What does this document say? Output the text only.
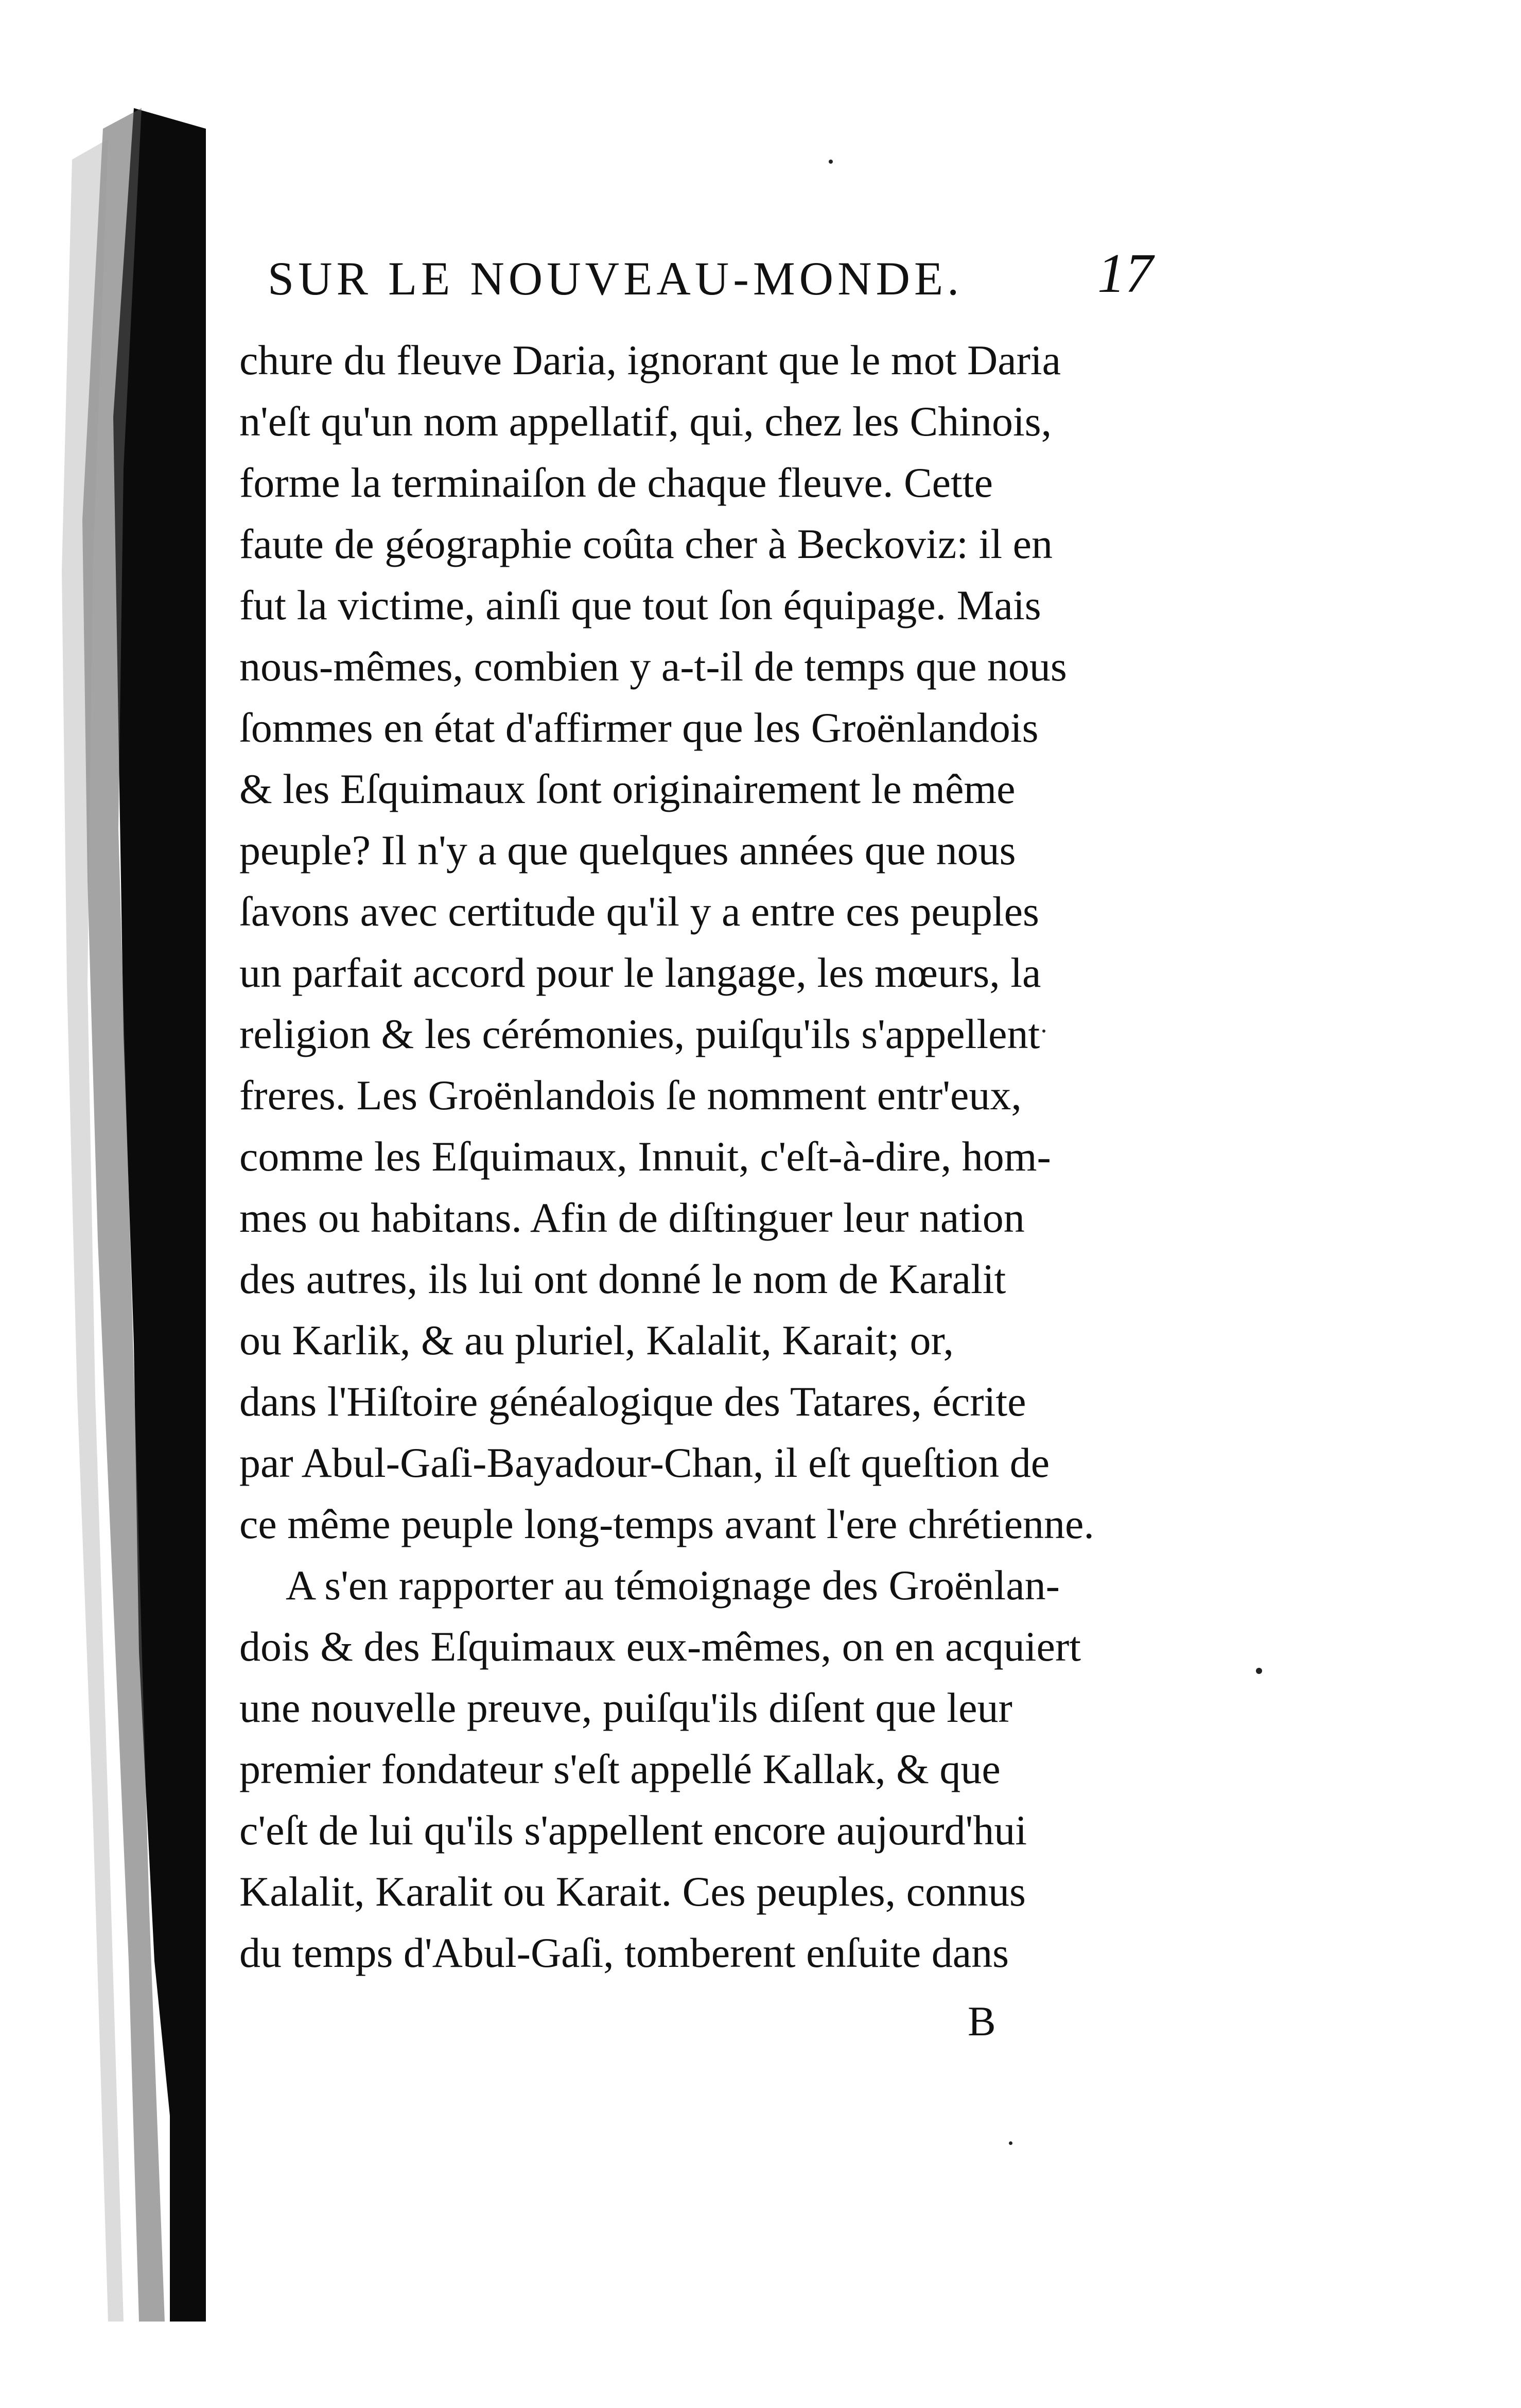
SUR LE NOUVEAU-MONDE. 17
chure du fleuve Daria, ignorant que le mot Daria
n'eſt qu'un nom appellatif, qui, chez les Chinois,
forme la terminaiſon de chaque fleuve. Cette
faute de géographie coûta cher à Beckoviz: il en
fut la victime, ainſi que tout ſon équipage. Mais
nous-mêmes, combien y a-t-il de temps que nous
ſommes en état d'affirmer que les Groënlandois
& les Eſquimaux ſont originairement le même
peuple? Il n'y a que quelques années que nous
ſavons avec certitude qu'il y a entre ces peuples
un parfait accord pour le langage, les mœurs, la
religion & les cérémonies, puiſqu'ils s'appellent
freres. Les Groënlandois ſe nomment entr'eux,
comme les Eſquimaux, Innuit, c'eſt-à-dire, hom-
mes ou habitans. Afin de diſtinguer leur nation
des autres, ils lui ont donné le nom de Karalit
ou Karlik, & au pluriel, Kalalit, Karait; or,
dans l'Hiſtoire généalogique des Tatares, écrite
par Abul-Gaſi-Bayadour-Chan, il eſt queſtion de
ce même peuple long-temps avant l'ere chrétienne.
A s'en rapporter au témoignage des Groënlan-
dois & des Eſquimaux eux-mêmes, on en acquiert
une nouvelle preuve, puiſqu'ils diſent que leur
premier fondateur s'eſt appellé Kallak, & que
c'eſt de lui qu'ils s'appellent encore aujourd'hui
Kalalit, Karalit ou Karait. Ces peuples, connus
du temps d'Abul-Gaſi, tomberent enſuite dans
B
